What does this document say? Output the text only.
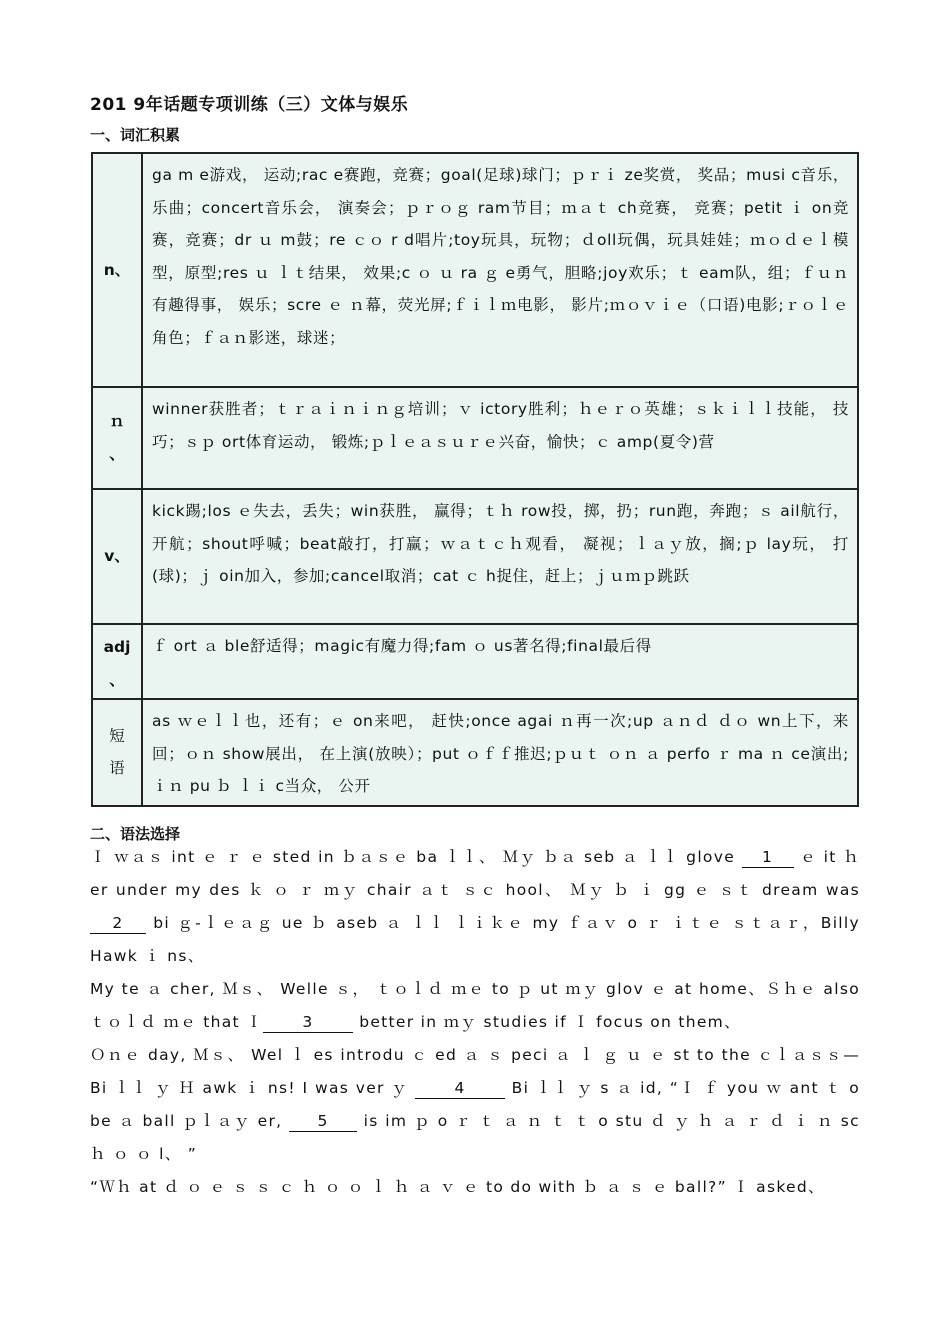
201 9年话题专项训练（三）文体与娱乐
一、词汇积累
n、	ga m e游戏， 运动;rac e赛跑，竞赛；goal(足球)球门；ｐｒｉ ze奖赏， 奖品；musi c音乐，乐曲；concert音乐会， 演奏会；ｐｒｏｇ ram节目；ｍａｔ ch竞赛， 竞赛；petit ｉ on竞赛，竞赛；dr ｕ m鼓；re ｃｏ r d唱片;toy玩具，玩物；ｄoll玩偶，玩具娃娃；ｍｏｄｅｌ模型，原型;res ｕ ｌｔ结果， 效果;c ｏ ｕ ra ｇ e勇气，胆略;joy欢乐；ｔ eam队，组；ｆｕｎ有趣得事， 娱乐；scre ｅ ｎ幕，荧光屏;ｆｉｌｍ电影， 影片;ｍｏｖｉｅ（口语)电影;ｒｏｌｅ角色；ｆａｎ影迷，球迷；
ｎ
、	winner获胜者；ｔｒａｉｎｉｎｇ培训；ｖ ictory胜利；ｈｅｒｏ英雄；ｓｋｉｌｌ技能， 技巧；ｓｐ ort体育运动， 锻炼;ｐｌｅａｓｕｒｅ兴奋，愉快；ｃ amp(夏令)营
v、	kick踢;los ｅ失去，丢失；win获胜， 赢得；ｔｈ row投，掷，扔；run跑，奔跑；ｓ ail航行， 开航；shout呼喊；beat敲打，打赢；ｗａｔｃｈ观看， 凝视；ｌａｙ放，搁;ｐ lay玩， 打(球)；ｊ oin加入，参加;cancel取消；cat ｃ h捉住，赶上；ｊｕｍｐ跳跃
adj
、	ｆ ort ａ ble舒适得；magic有魔力得;fam ｏ us著名得;final最后得
短
语	as ｗｅｌｌ也，还有；ｅ on来吧， 赶快;once agai ｎ再一次;up ａｎｄ ｄｏ wn上下，来回；ｏｎ show展出， 在上演(放映）；put ｏｆｆ推迟;ｐｕｔ ｏｎ ａ perfo ｒ ma ｎ ce演出;ｉｎ pu ｂ ｌｉ c当众， 公开
二、语法选择

Ｉ ｗａｓ int ｅ ｒ ｅ sted in ｂａｓｅ ba ｌｌ、 Ｍｙ ｂａ seb ａ ｌｌ glove 1 ｅ it ｈ er under my des ｋ ｏ ｒ ｍｙ chair ａｔ ｓｃ hool、 Ｍｙ ｂ ｉ gg ｅ ｓｔ dream was 2 bi ｇ-ｌｅａｇ ue ｂ aseb ａ ｌｌ ｌｉｋｅ my ｆａｖ o ｒ ｉｔｅ ｓｔａｒ，Billy Hawk ｉ ns、

My te ａ cher, Ｍｓ、 Welle ｓ， ｔｏｌｄ ｍｅ to ｐ ut ｍｙ glov ｅ at home、Ｓｈｅ also ｔｏｌｄ ｍｅ that Ｉ	3	better in ｍｙ studies if Ｉ focus on them、

Ｏｎｅ day, Ｍｓ、 Wel ｌ es introdu ｃ ed ａ ｓ peci ａ ｌ ｇ ｕ ｅ st to the ｃｌａｓｓ—Bi ｌｌ ｙ Ｈ awk ｉ ns! I was ver ｙ	4	Bi ｌｌ ｙ s ａ id, “Ｉ ｆ you ｗ ant ｔ o be ａ ball ｐｌａｙ er, 5 is im ｐ o ｒ ｔ ａ ｎ ｔ ｔ o stu ｄ ｙ ｈ ａ ｒ ｄ ｉ ｎ sc ｈ ｏ ｏ l、 ”

“Ｗｈ at ｄ ｏ ｅ ｓ ｓ ｃ ｈ ｏ ｏ ｌ ｈ ａ ｖ ｅ to do with ｂ ａ ｓ ｅ ball?” Ｉ asked、
